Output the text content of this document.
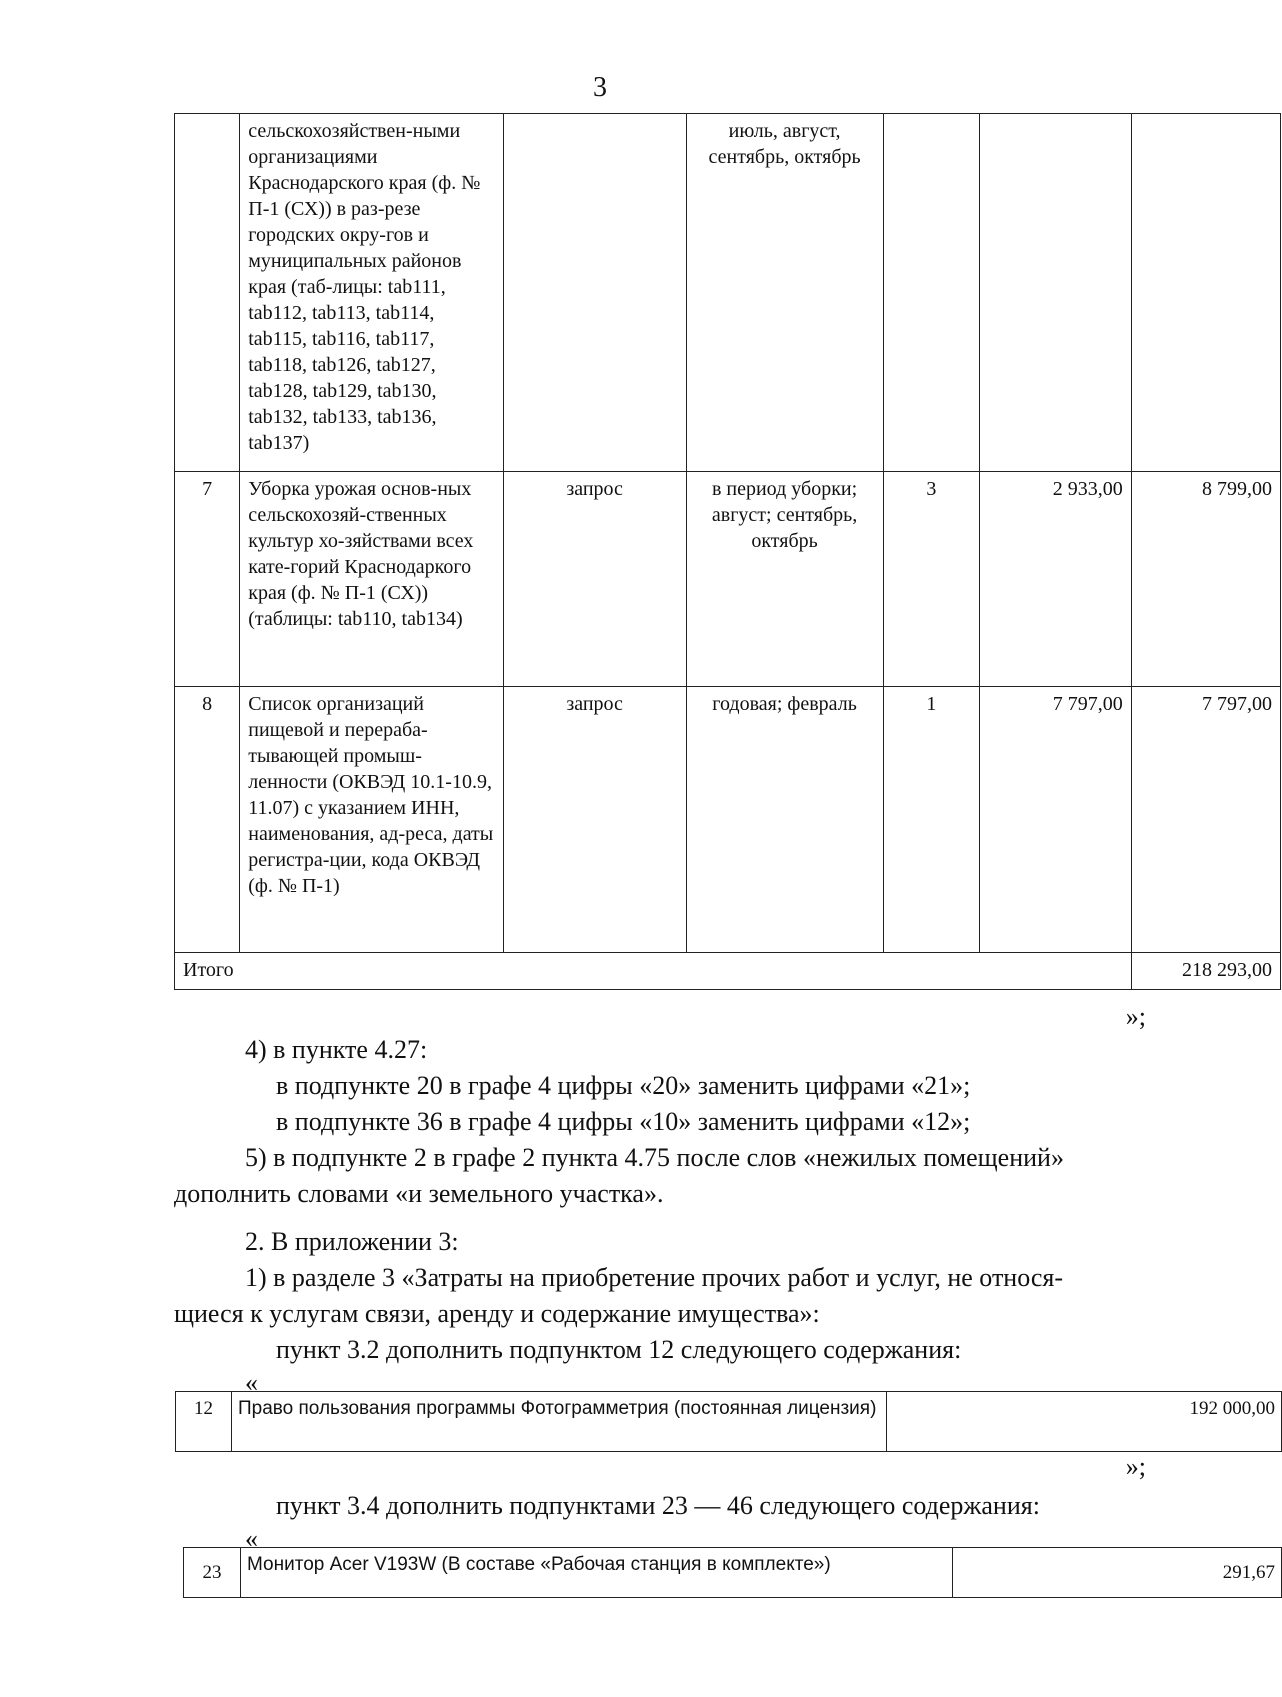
3
	сельскохозяйствен-ными организациями Краснодарского края (ф. № П-1 (СХ)) в раз-резе городских окру-гов и муниципальных районов края (таб-лицы: tab111, tab112, tab113, tab114, tab115, tab116, tab117, tab118, tab126, tab127, tab128, tab129, tab130, tab132, tab133, tab136, tab137)		июль, август, сентябрь, октябрь			
7	Уборка урожая основ-ных сельскохозяй-ственных культур хо-зяйствами всех кате-горий Краснодаркого края (ф. № П-1 (СХ)) (таблицы: tab110, tab134)	запрос	в период уборки; август; сентябрь, октябрь	3	2 933,00	8 799,00
8	Список организаций пищевой и перераба-тывающей промыш-ленности (ОКВЭД 10.1-10.9, 11.07) с указанием ИНН, наименования, ад-реса, даты регистра-ции, кода ОКВЭД (ф. № П-1)	запрос	годовая; февраль	1	7 797,00	7 797,00
Итого						218 293,00
»;
4) в пункте 4.27:
в подпункте 20 в графе 4 цифры «20» заменить цифрами «21»;
в подпункте 36 в графе 4 цифры «10» заменить цифрами «12»;
5) в подпункте 2 в графе 2 пункта 4.75 после слов «нежилых помещений»
дополнить словами «и земельного участка».
2. В приложении 3:
1) в разделе 3 «Затраты на приобретение прочих работ и услуг, не относя-
щиеся к услугам связи, аренду и содержание имущества»:
пункт 3.2 дополнить подпунктом 12 следующего содержания:
«
12	Право пользования программы Фотограмметрия (постоянная лицензия)	192 000,00
»;
пункт 3.4 дополнить подпунктами 23 — 46 следующего содержания:
«
23	Монитор Acer V193W (В составе «Рабочая станция в комплекте»)	291,67
